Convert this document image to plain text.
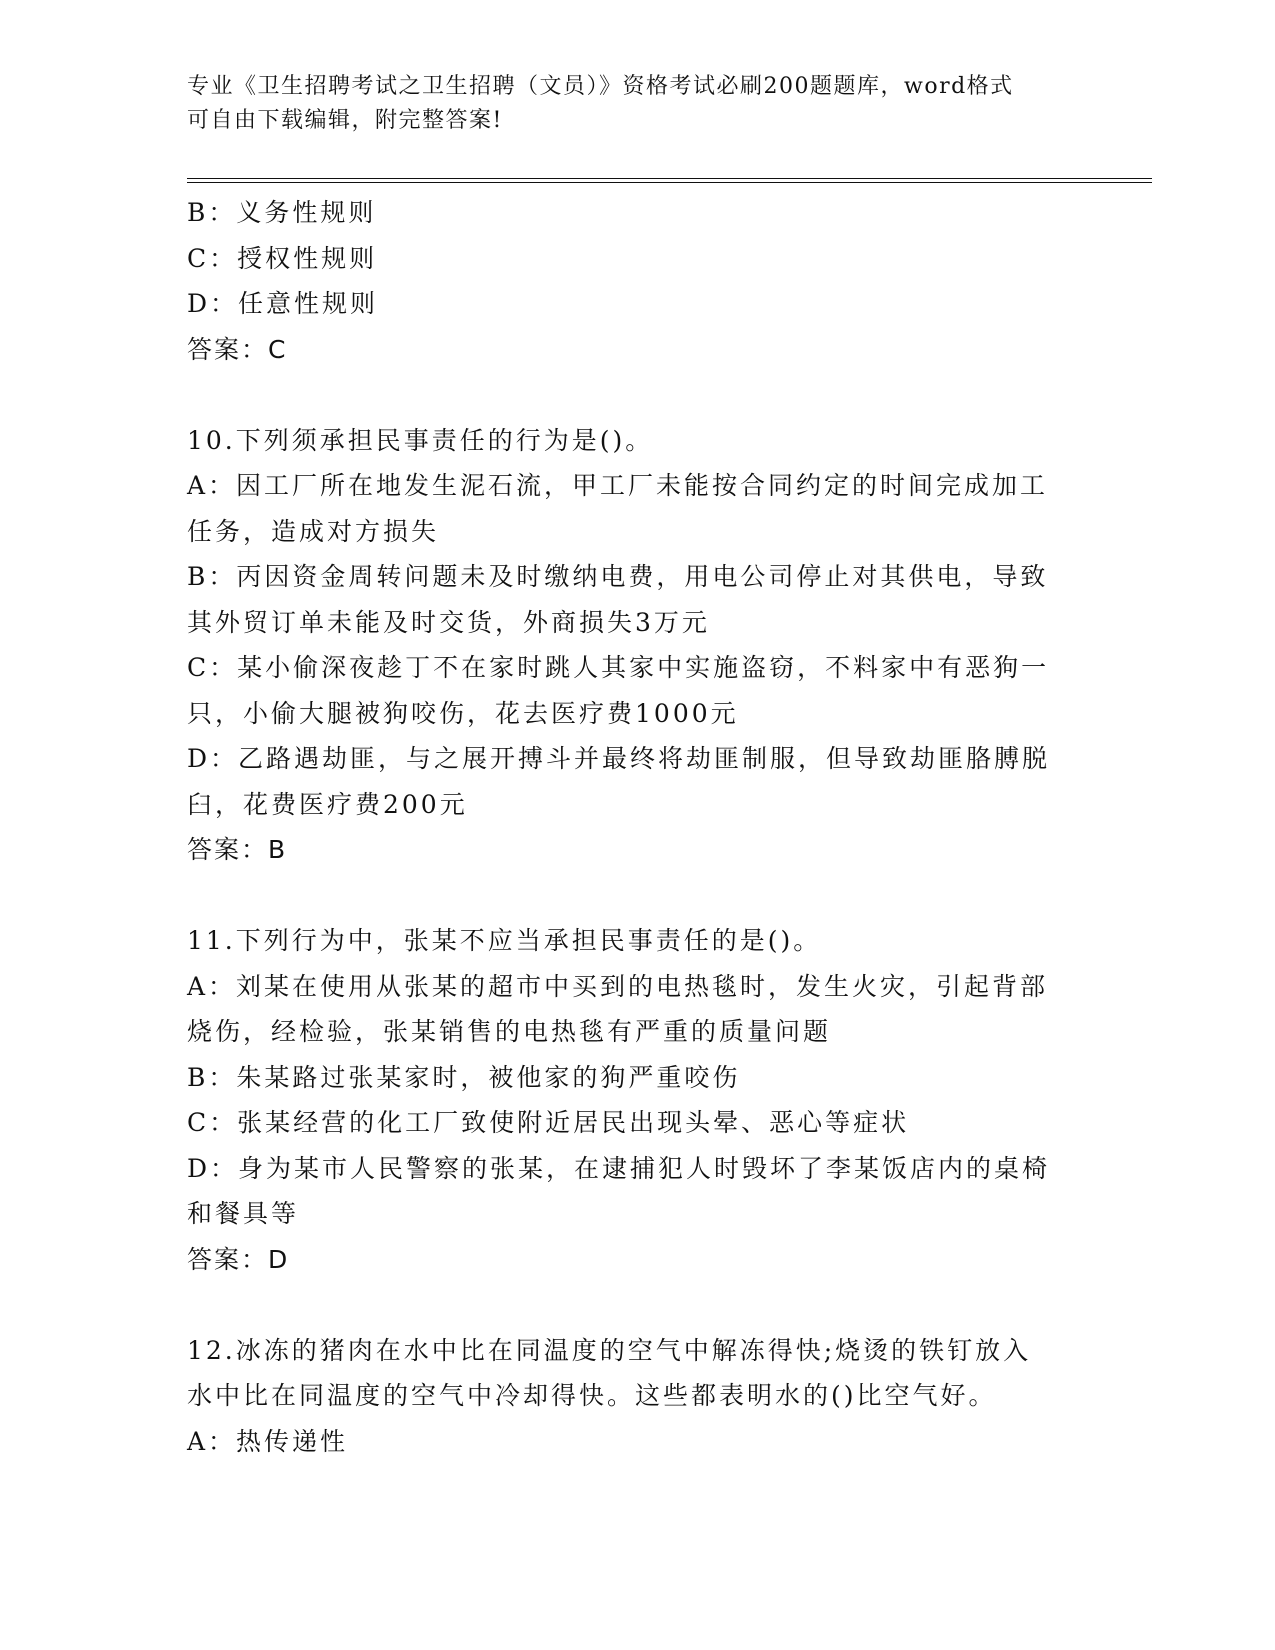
专业《卫生招聘考试之卫生招聘（文员）》资格考试必刷200题题库，word格式
可自由下载编辑，附完整答案!

B：义务性规则

C：授权性规则

D：任意性规则

答案：C

10.下列须承担民事责任的行为是()。

A：因工厂所在地发生泥石流，甲工厂未能按合同约定的时间完成加工

任务，造成对方损失

B：丙因资金周转问题未及时缴纳电费，用电公司停止对其供电，导致

其外贸订单未能及时交货，外商损失3万元

C：某小偷深夜趁丁不在家时跳人其家中实施盗窃，不料家中有恶狗一

只，小偷大腿被狗咬伤，花去医疗费1000元

D：乙路遇劫匪，与之展开搏斗并最终将劫匪制服，但导致劫匪胳膊脱

臼，花费医疗费200元

答案：B

11.下列行为中，张某不应当承担民事责任的是()。

A：刘某在使用从张某的超市中买到的电热毯时，发生火灾，引起背部

烧伤，经检验，张某销售的电热毯有严重的质量问题

B：朱某路过张某家时，被他家的狗严重咬伤

C：张某经营的化工厂致使附近居民出现头晕、恶心等症状

D：身为某市人民警察的张某，在逮捕犯人时毁坏了李某饭店内的桌椅

和餐具等

答案：D

12.冰冻的猪肉在水中比在同温度的空气中解冻得快;烧烫的铁钉放入

水中比在同温度的空气中冷却得快。这些都表明水的()比空气好。

A：热传递性
